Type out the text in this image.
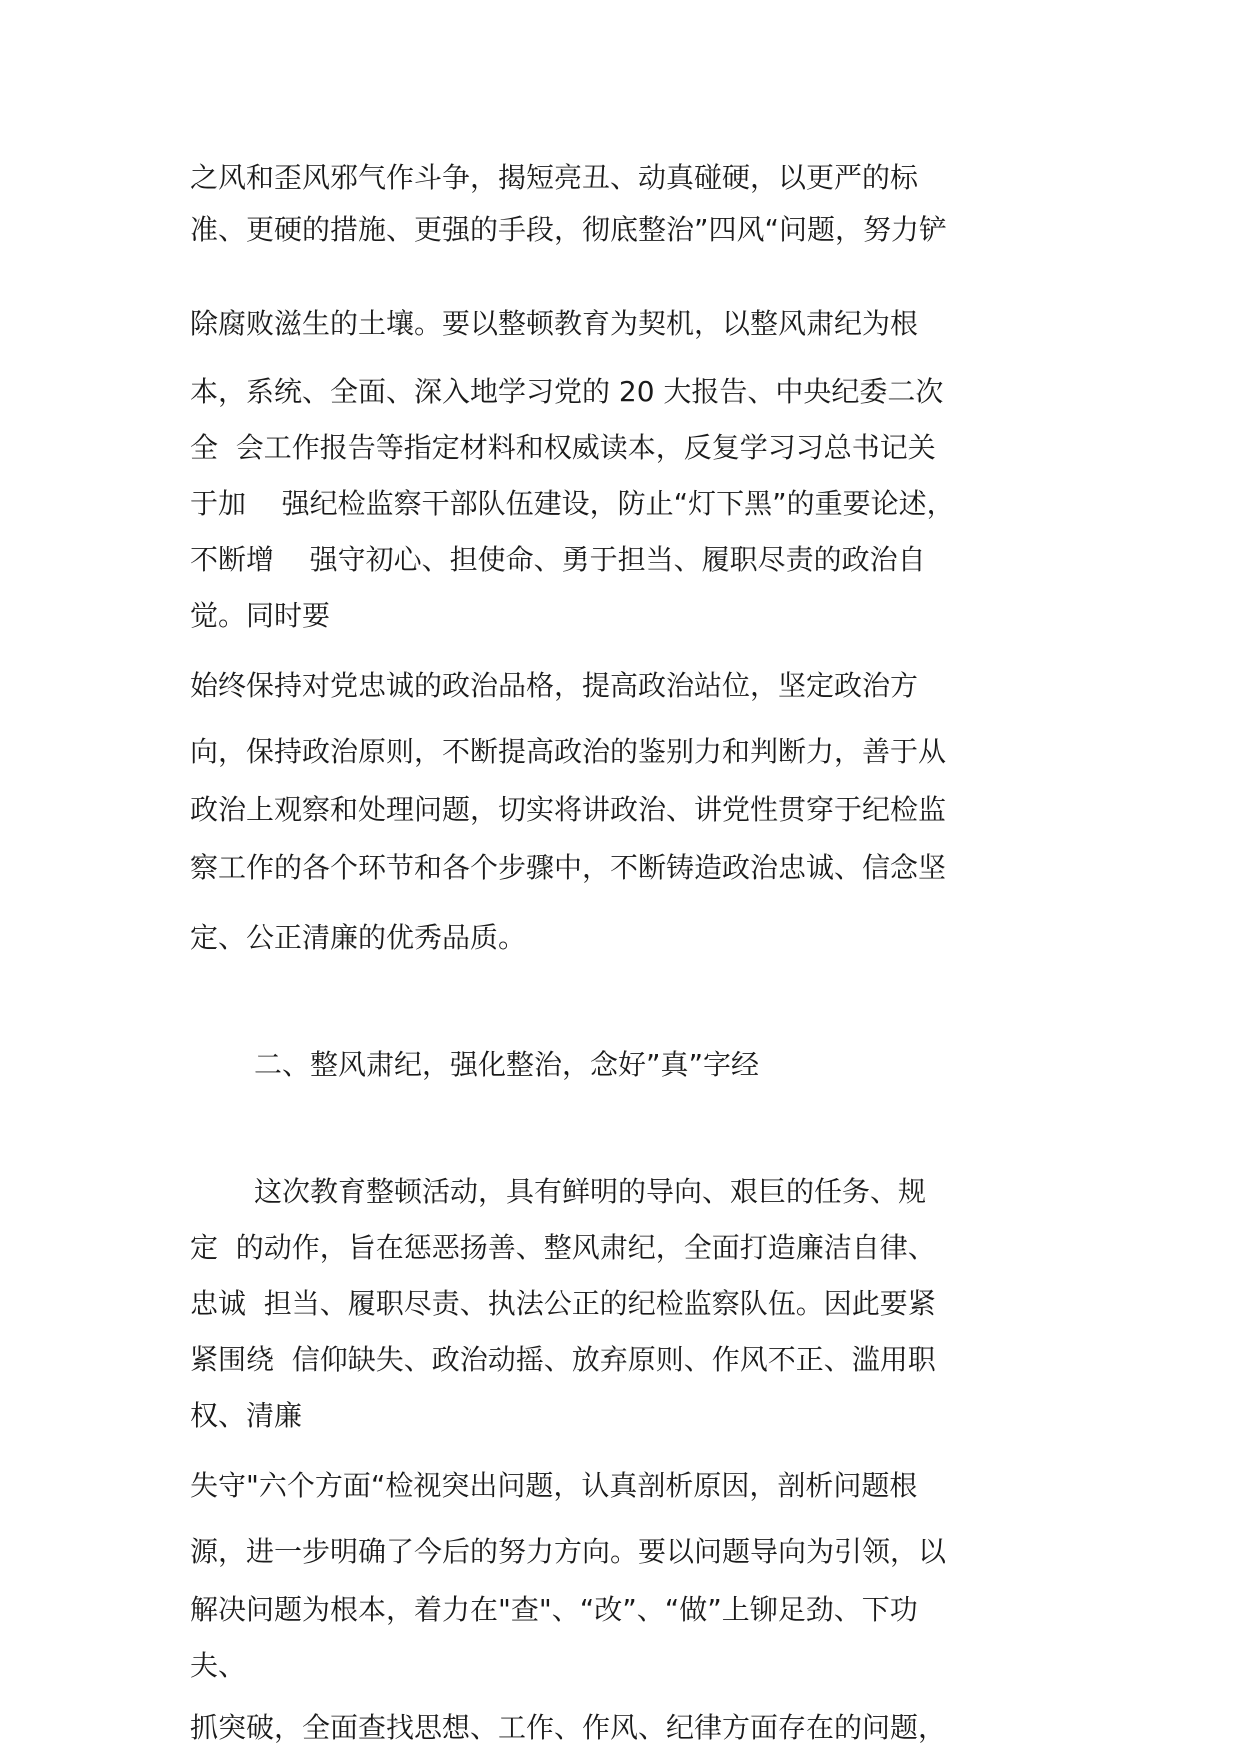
之风和歪风邪气作斗争，揭短亮丑、动真碰硬，以更严的标
准、更硬的措施、更强的手段，彻底整治”四风“问题，努力铲
除腐败滋生的土壤。要以整顿教育为契机，以整风肃纪为根
本，系统、全面、深入地学习党的 20 大报告、中央纪委二次
全  会工作报告等指定材料和权威读本，反复学习习总书记关
于加    强纪检监察干部队伍建设，防止“灯下黑”的重要论述，
不断增    强守初心、担使命、勇于担当、履职尽责的政治自
觉。同时要
始终保持对党忠诚的政治品格，提高政治站位，坚定政治方
向，保持政治原则，不断提高政治的鉴别力和判断力，善于从
政治上观察和处理问题，切实将讲政治、讲党性贯穿于纪检监
察工作的各个环节和各个步骤中，不断铸造政治忠诚、信念坚
定、公正清廉的优秀品质。
二、整风肃纪，强化整治，念好”真”字经
这次教育整顿活动，具有鲜明的导向、艰巨的任务、规
定  的动作，旨在惩恶扬善、整风肃纪，全面打造廉洁自律、
忠诚  担当、履职尽责、执法公正的纪检监察队伍。因此要紧
紧围绕  信仰缺失、政治动摇、放弃原则、作风不正、滥用职
权、清廉
失守"六个方面“检视突出问题，认真剖析原因，剖析问题根
源，进一步明确了今后的努力方向。要以问题导向为引领，以
解决问题为根本，着力在"查"、“改”、“做”上铆足劲、下功
夫、
抓突破，全面查找思想、工作、作风、纪律方面存在的问题，
